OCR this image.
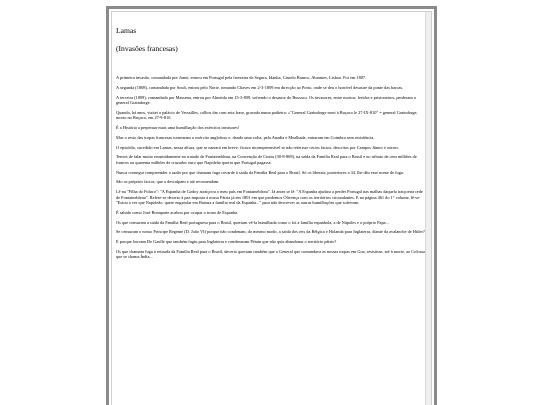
Lamas

(Invasões francesas)

A primeira invasão, comandada por Junot, entrou em Portugal pela fronteira de Segura, Idanha, Castelo Branco, Abrantes, Lisboa. Foi em 1807.

A segunda (1808), comandada por Soult, entrou pelo Norte, tomando Chaves em 2-3-1809 em direcção ao Porto, onde se deu o horrível desastre da ponte das barcas.

A terceira (1809), comandada por Massena, entrou por Almeida em 15-3-809, sofrendo o desastre do Bussaco. Os invasores, entre mortos, feridos e prisioneiros, perderam o general Graindorge.

Quando, há anos, visitei o palácio de Versailles, colhos dar com esta frase, gravada numa padieira: «"General Graindorge mort à Buçaco le 27-IX-810" = general Graindorge, morto no Buçaco, em 27-9-810.

É a História a perpetuar mais uma humilhação dos exércitos invasores!

Mas o resto das tropas francesas tornearam o exército anglofuso e, dando uma volta, pela Anadia e Mealhada, entraram em Coimbra sem resistência.

O episódio, sucedido em Lamas, nessa altura, que se narrará em breve, ficava incompreensível se não referisse certos factos, descritos por Campos Júnior e outros.

Temos de falar muito resumidamente no tratado de Fontainebleau, na Convenção de Cintra (30-8-808), na saída da Família Real para o Brasil e no tributo de cem milhões de francos ou quarenta milhões de cruzados ouro que Napoleão queria que Portugal pagasse.

Nunca consegui compreender a razão por que chamam fuga covarde à saída da Família Real para o Brasil. Só os liberais, posteriores a 34, lhe dão esse nome de fuga.

São os próprios factos, que a desculpam e até recomendam.

Lê na "Filha do Polaco": "A Espanha de Godoy atraiçoou o meu país em Fontainebleau". Já antes se lê: "A Espanha ajudara a perder Portugal nas malhas daquela traiçoeira rede de Fontainebleau". Refere-se decerto à paz imposta à nossa Pátria já em 1801 em que perdemos Olivença com os territórios circundantes. E na página 461 do 1° volume, lê-se: "Estou a ver que Napoleão, quere engaiolar em Baiona a família real da Espanha..." para não descrever as outras humilhações que sofreram.

É sabido como José Bonaparte acabou por ocupar o trono de Espanha.

Os que censuram a saída da Família Real portuguesa para o Brasil, queriam vê-la humilhada como o foi a família espanhola, a de Nápoles e o próprio Papa...

Se censuram o nosso Príncipe Regente (D. João VI) porque não condenam, do mesmo modo, a saída dos reis da Bélgica e Holanda para Inglaterra, diante da avalanche de Hitler?

E porque louvam De Gaulle que também fugiu para Inglaterra e condenaram Pétain que não quis abandonar o território pátrio?

Os que chamam fuga à retirada da Família Real para o Brasil, decerto queriam também que o General que comandava as nossas tropas em Goa, resistisse, até à morte, ao Colosso que se chama Índia...
